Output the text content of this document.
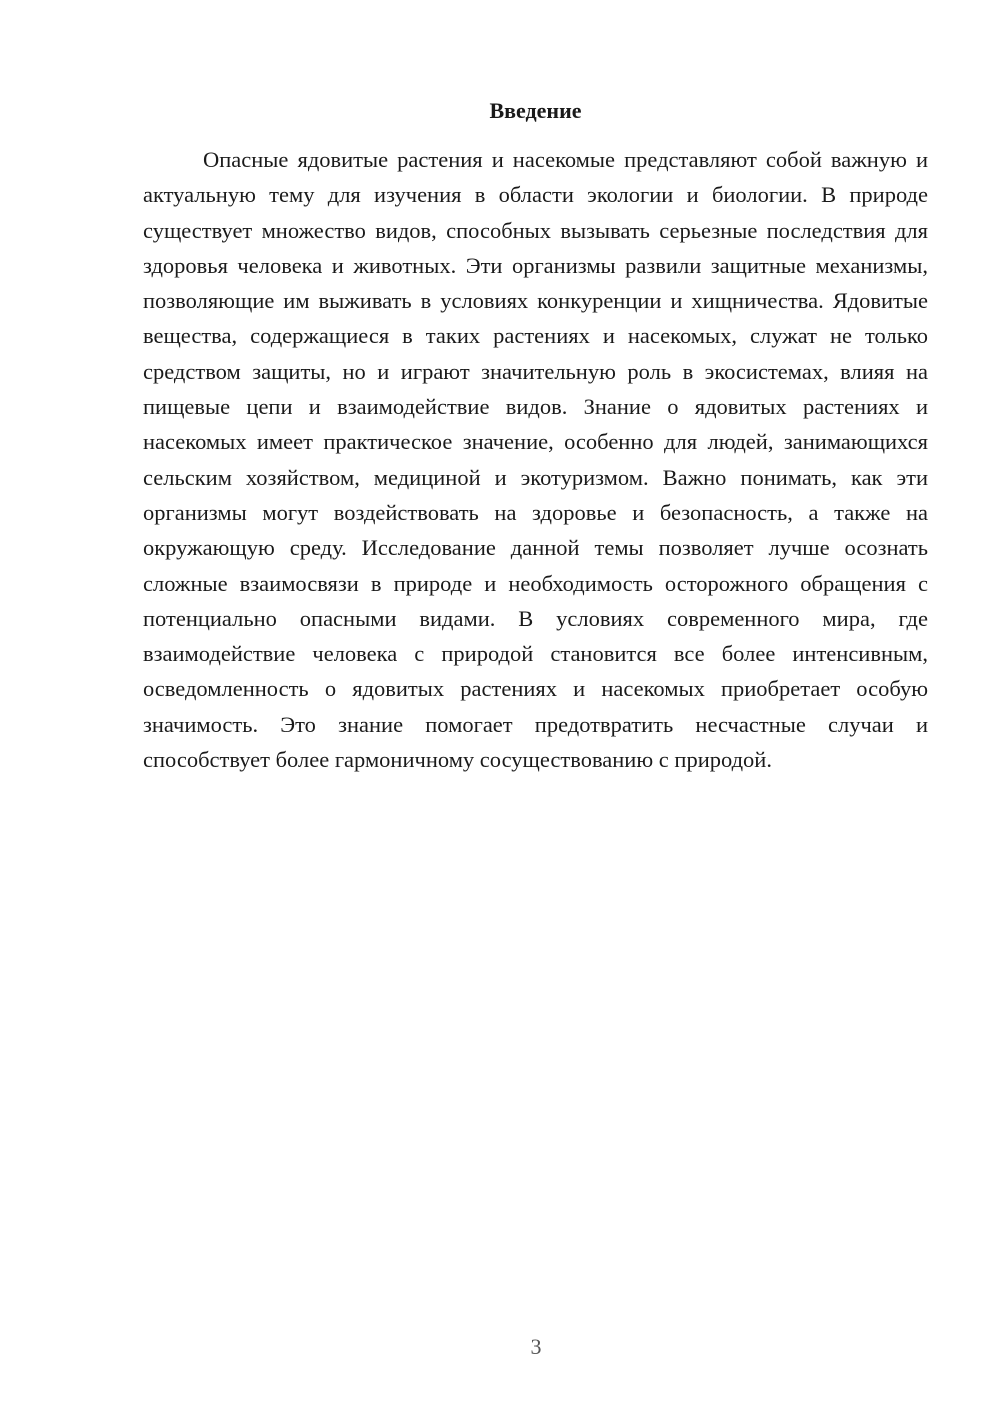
Введение

Опасные ядовитые растения и насекомые представляют собой важную и актуальную тему для изучения в области экологии и биологии. В природе существует множество видов, способных вызывать серьезные последствия для здоровья человека и животных. Эти организмы развили защитные механизмы, позволяющие им выживать в условиях конкуренции и хищничества. Ядовитые вещества, содержащиеся в таких растениях и насекомых, служат не только средством защиты, но и играют значительную роль в экосистемах, влияя на пищевые цепи и взаимодействие видов. Знание о ядовитых растениях и насекомых имеет практическое значение, особенно для людей, занимающихся сельским хозяйством, медициной и экотуризмом. Важно понимать, как эти организмы могут воздействовать на здоровье и безопасность, а также на окружающую среду. Исследование данной темы позволяет лучше осознать сложные взаимосвязи в природе и необходимость осторожного обращения с потенциально опасными видами. В условиях современного мира, где взаимодействие человека с природой становится все более интенсивным, осведомленность о ядовитых растениях и насекомых приобретает особую значимость. Это знание помогает предотвратить несчастные случаи и способствует более гармоничному сосуществованию с природой.

3
